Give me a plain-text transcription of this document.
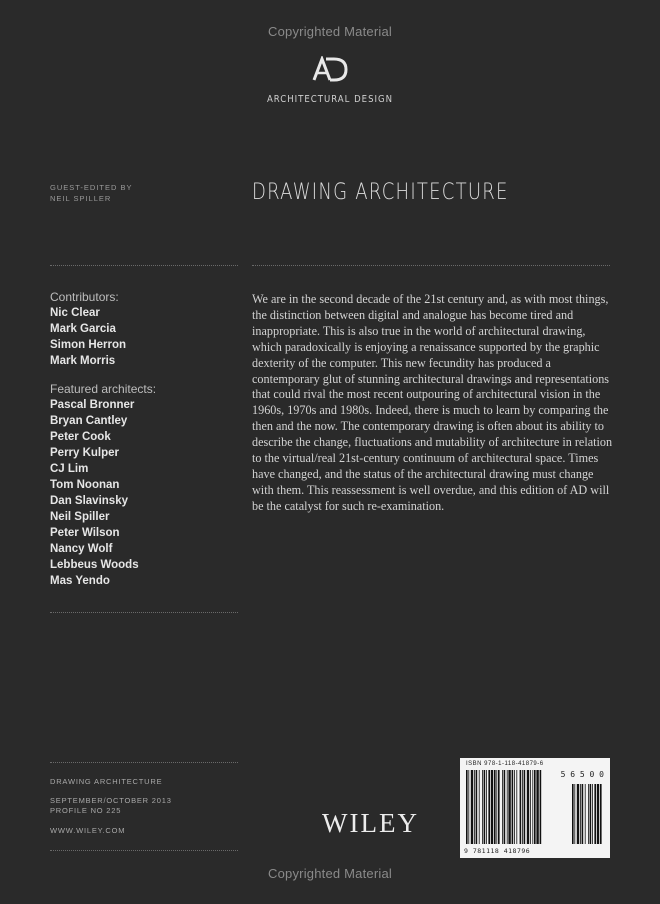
Copyrighted Material
ARCHITECTURAL DESIGN
GUEST-EDITED BY
NEIL SPILLER	DRAWING ARCHITECTURE

Contributors:

Nic Clear

Mark Garcia

Simon Herron

Mark Morris

Featured architects:

Pascal Bronner

Bryan Cantley

Peter Cook

Perry Kulper

CJ Lim

Tom Noonan

Dan Slavinsky

Neil Spiller

Peter Wilson

Nancy Wolf

Lebbeus Woods

Mas Yendo

We are in the second decade of the 21st century and, as with most things, the distinction between digital and analogue has become tired and inappropriate. This is also true in the world of architectural drawing, which paradoxically is enjoying a renaissance supported by the graphic dexterity of the computer. This new fecundity has produced a contemporary glut of stunning architectural drawings and representations that could rival the most recent outpouring of architectural vision in the 1960s, 1970s and 1980s. Indeed, there is much to learn by comparing the then and the now. The contemporary drawing is often about its ability to describe the change, fluctuations and mutability of architecture in relation to the virtual/real 21st-century continuum of architectural space. Times have changed, and the status of the architectural drawing must change with them. This reassessment is well overdue, and this edition of AD will be the catalyst for such re-examination.

DRAWING ARCHITECTURE
SEPTEMBER/OCTOBER 2013
PROFILE NO 225
WWW.WILEY.COM	WILEY
ISBN 978-1-118-41879-6
5 6 5 0 0
9 781118 418796
Copyrighted Material
